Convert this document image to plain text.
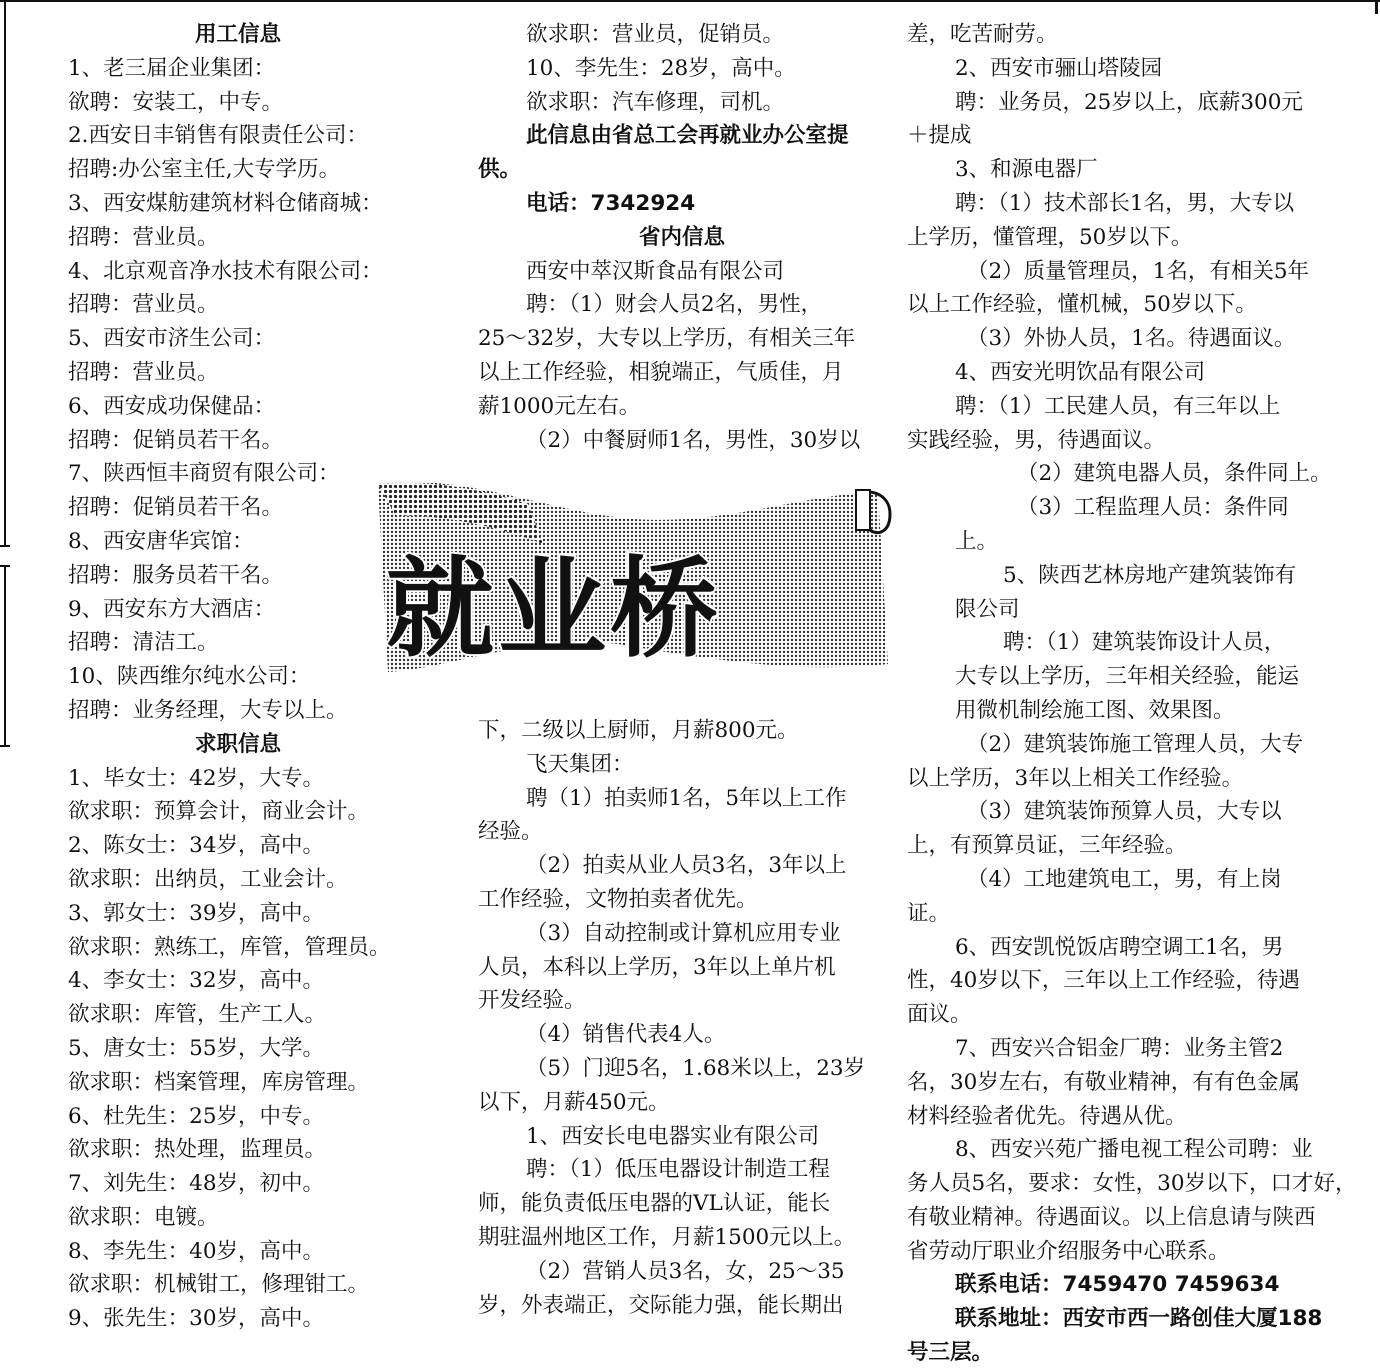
用工信息

1、老三届企业集团：

欲聘：安装工，中专。

2.西安日丰销售有限责任公司：

招聘:办公室主任,大专学历。

3、西安煤舫建筑材料仓储商城：

招聘：营业员。

4、北京观音净水技术有限公司：

招聘：营业员。

5、西安市济生公司：

招聘：营业员。

6、西安成功保健品：

招聘：促销员若干名。

7、陕西恒丰商贸有限公司：

招聘：促销员若干名。

8、西安唐华宾馆：

招聘：服务员若干名。

9、西安东方大酒店：

招聘：清洁工。

10、陕西维尔纯水公司：

招聘：业务经理，大专以上。

求职信息

1、毕女士：42岁，大专。

欲求职：预算会计，商业会计。

2、陈女士：34岁，高中。

欲求职：出纳员，工业会计。

3、郭女士：39岁，高中。

欲求职：熟练工，库管，管理员。

4、李女士：32岁，高中。

欲求职：库管，生产工人。

5、唐女士：55岁，大学。

欲求职：档案管理，库房管理。

6、杜先生：25岁，中专。

欲求职：热处理，监理员。

7、刘先生：48岁，初中。

欲求职：电镀。

8、李先生：40岁，高中。

欲求职：机械钳工，修理钳工。

9、张先生：30岁，高中。

欲求职：营业员，促销员。

10、李先生：28岁，高中。

欲求职：汽车修理，司机。

此信息由省总工会再就业办公室提

供。

电话：7342924

省内信息

西安中萃汉斯食品有限公司

聘：（1）财会人员2名，男性，

25～32岁，大专以上学历，有相关三年

以上工作经验，相貌端正，气质佳，月

薪1000元左右。

（2）中餐厨师1名，男性，30岁以

就业桥

下，二级以上厨师，月薪800元。

飞天集团：

聘（1）拍卖师1名，5年以上工作

经验。

（2）拍卖从业人员3名，3年以上

工作经验，文物拍卖者优先。

（3）自动控制或计算机应用专业

人员，本科以上学历，3年以上单片机

开发经验。

（4）销售代表4人。

（5）门迎5名，1.68米以上，23岁

以下，月薪450元。

1、西安长电电器实业有限公司

聘：（1）低压电器设计制造工程

师，能负责低压电器的VL认证，能长

期驻温州地区工作，月薪1500元以上。

（2）营销人员3名，女，25～35

岁，外表端正，交际能力强，能长期出

差，吃苦耐劳。

2、西安市骊山塔陵园

聘：业务员，25岁以上，底薪300元

＋提成

3、和源电器厂

聘：（1）技术部长1名，男，大专以

上学历，懂管理，50岁以下。

（2）质量管理员，1名，有相关5年

以上工作经验，懂机械，50岁以下。

（3）外协人员，1名。待遇面议。

4、西安光明饮品有限公司

聘：（1）工民建人员，有三年以上

实践经验，男，待遇面议。

（2）建筑电器人员，条件同上。

（3）工程监理人员：条件同

上。

5、陕西艺林房地产建筑装饰有

限公司

聘：（1）建筑装饰设计人员，

大专以上学历，三年相关经验，能运

用微机制绘施工图、效果图。

（2）建筑装饰施工管理人员，大专

以上学历，3年以上相关工作经验。

（3）建筑装饰预算人员，大专以

上，有预算员证，三年经验。

（4）工地建筑电工，男，有上岗

证。

6、西安凯悦饭店聘空调工1名，男

性，40岁以下，三年以上工作经验，待遇

面议。

7、西安兴合铝金厂聘：业务主管2

名，30岁左右，有敬业精神，有有色金属

材料经验者优先。待遇从优。

8、西安兴苑广播电视工程公司聘：业

务人员5名，要求：女性，30岁以下，口才好，

有敬业精神。待遇面议。以上信息请与陕西

省劳动厅职业介绍服务中心联系。

联系电话：7459470 7459634

联系地址：西安市西一路创佳大厦188

号三层。
